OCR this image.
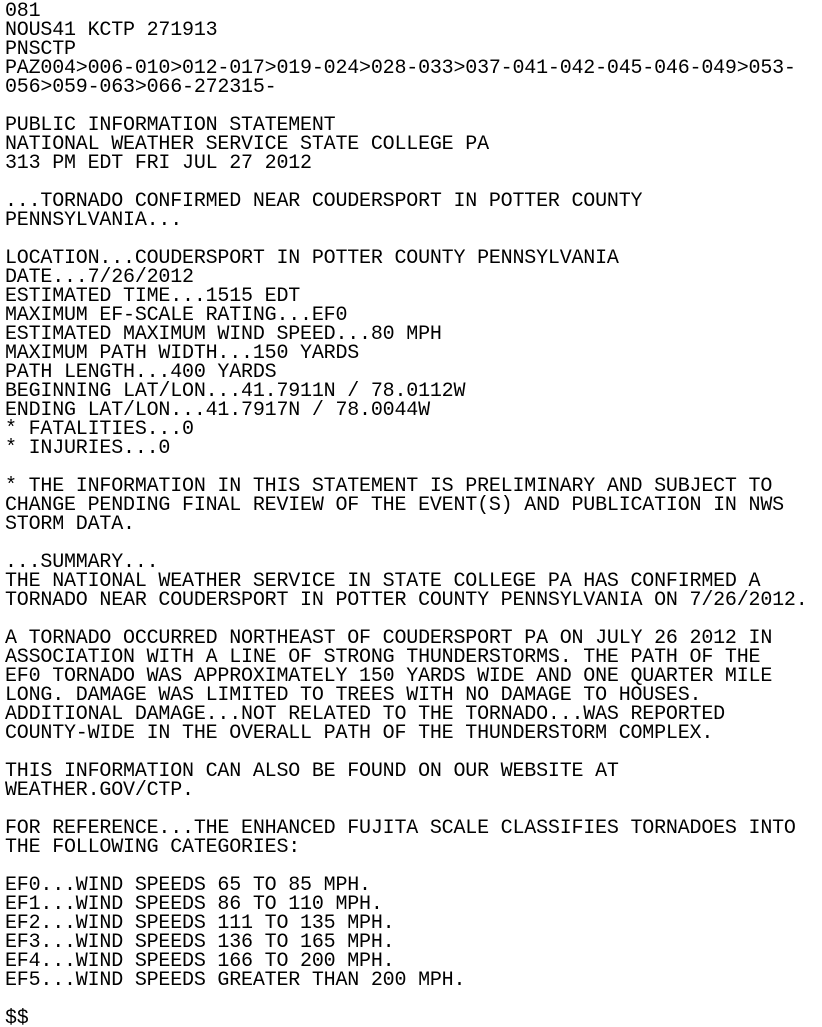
081
NOUS41 KCTP 271913
PNSCTP
PAZ004>006-010>012-017>019-024>028-033>037-041-042-045-046-049>053-
056>059-063>066-272315-
PUBLIC INFORMATION STATEMENT
NATIONAL WEATHER SERVICE STATE COLLEGE PA
313 PM EDT FRI JUL 27 2012
...TORNADO CONFIRMED NEAR COUDERSPORT IN POTTER COUNTY
PENNSYLVANIA...
LOCATION...COUDERSPORT IN POTTER COUNTY PENNSYLVANIA
DATE...7/26/2012
ESTIMATED TIME...1515 EDT
MAXIMUM EF-SCALE RATING...EF0
ESTIMATED MAXIMUM WIND SPEED...80 MPH
MAXIMUM PATH WIDTH...150 YARDS
PATH LENGTH...400 YARDS
BEGINNING LAT/LON...41.7911N / 78.0112W
ENDING LAT/LON...41.7917N / 78.0044W
* FATALITIES...0
* INJURIES...0
* THE INFORMATION IN THIS STATEMENT IS PRELIMINARY AND SUBJECT TO
CHANGE PENDING FINAL REVIEW OF THE EVENT(S) AND PUBLICATION IN NWS
STORM DATA.
...SUMMARY...
THE NATIONAL WEATHER SERVICE IN STATE COLLEGE PA HAS CONFIRMED A
TORNADO NEAR COUDERSPORT IN POTTER COUNTY PENNSYLVANIA ON 7/26/2012.
A TORNADO OCCURRED NORTHEAST OF COUDERSPORT PA ON JULY 26 2012 IN
ASSOCIATION WITH A LINE OF STRONG THUNDERSTORMS. THE PATH OF THE
EF0 TORNADO WAS APPROXIMATELY 150 YARDS WIDE AND ONE QUARTER MILE
LONG. DAMAGE WAS LIMITED TO TREES WITH NO DAMAGE TO HOUSES.
ADDITIONAL DAMAGE...NOT RELATED TO THE TORNADO...WAS REPORTED
COUNTY-WIDE IN THE OVERALL PATH OF THE THUNDERSTORM COMPLEX.
THIS INFORMATION CAN ALSO BE FOUND ON OUR WEBSITE AT
WEATHER.GOV/CTP.
FOR REFERENCE...THE ENHANCED FUJITA SCALE CLASSIFIES TORNADOES INTO
THE FOLLOWING CATEGORIES:
EF0...WIND SPEEDS 65 TO 85 MPH.
EF1...WIND SPEEDS 86 TO 110 MPH.
EF2...WIND SPEEDS 111 TO 135 MPH.
EF3...WIND SPEEDS 136 TO 165 MPH.
EF4...WIND SPEEDS 166 TO 200 MPH.
EF5...WIND SPEEDS GREATER THAN 200 MPH.
$$
